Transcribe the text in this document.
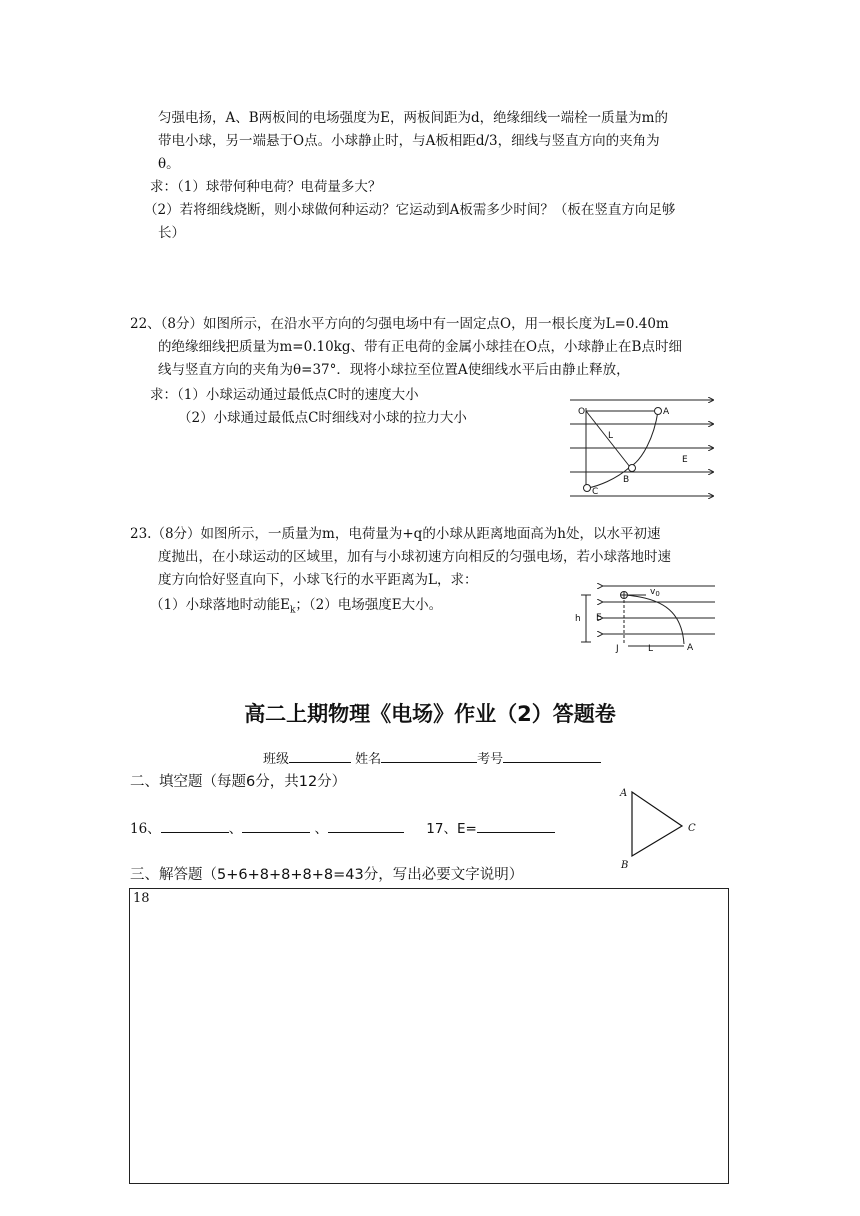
匀强电扬，A、B两板间的电场强度为E，两板间距为d，绝缘细线一端栓一质量为m的
带电小球，另一端悬于O点。小球静止时，与A板相距d/3，细线与竖直方向的夹角为
θ。
求：（1）球带何种电荷？电荷量多大？
（2）若将细线烧断，则小球做何种运动？它运动到A板需多少时间？（板在竖直方向足够
长）
22、（8分）如图所示，在沿水平方向的匀强电场中有一固定点O，用一根长度为L=0.40m
的绝缘细线把质量为m=0.10kg、带有正电荷的金属小球挂在O点，小球静止在B点时细
线与竖直方向的夹角为θ=37°．现将小球拉至位置A使细线水平后由静止释放，
求：（1）小球运动通过最低点C时的速度大小
（2）小球通过最低点C时细线对小球的拉力大小	O	A
L
E
B
C
23.（8分）如图所示，一质量为m，电荷量为+q的小球从距离地面高为h处，以水平初速
度抛出，在小球运动的区域里，加有与小球初速方向相反的匀强电场，若小球落地时速
度方向恰好竖直向下，小球飞行的水平距离为L，求：
（1）小球落地时动能$E_k$；（2）电场强度E大小。
h E
$v_0$
J	L	A
高二上期物理《电场》作业（2）答题卷
班级	姓名	考号
二、填空题（每题6分，共12分）
16、	、	、	17、E=
A
B
C
三、解答题（5+6+8+8+8+8=43分，写出必要文字说明）
18
